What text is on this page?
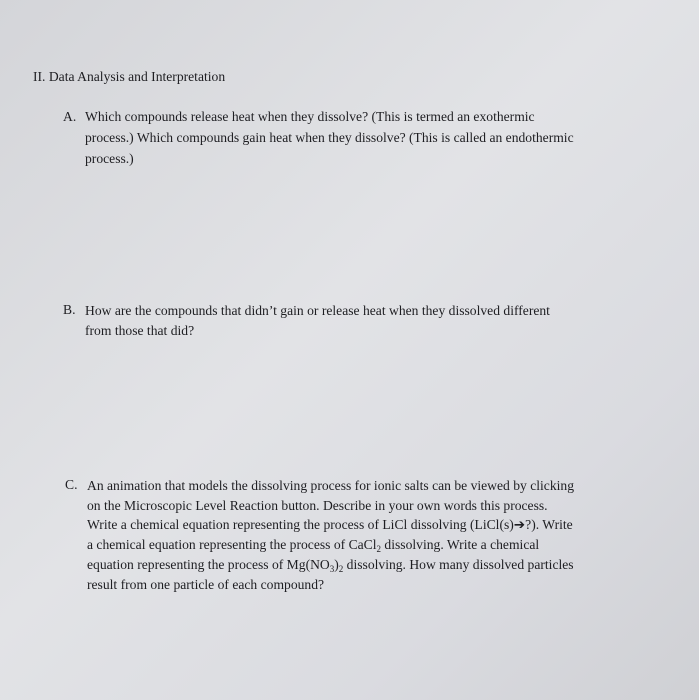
II. Data Analysis and Interpretation
A. Which compounds release heat when they dissolve? (This is termed an exothermic
process.) Which compounds gain heat when they dissolve? (This is called an endothermic
process.)
B. How are the compounds that didn’t gain or release heat when they dissolved different
from those that did?
C. An animation that models the dissolving process for ionic salts can be viewed by clicking
on the Microscopic Level Reaction button. Describe in your own words this process.
Write a chemical equation representing the process of LiCl dissolving (LiCl(s)➔?). Write
a chemical equation representing the process of CaCl$_2$ dissolving. Write a chemical
equation representing the process of $Mg(NO_3)_2$ dissolving. How many dissolved particles
result from one particle of each compound?
